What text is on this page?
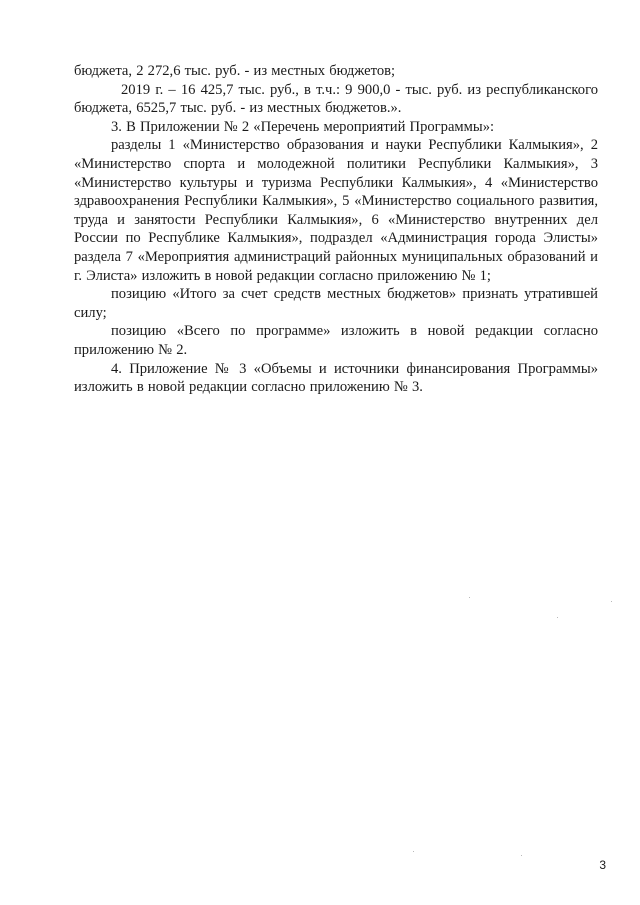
бюджета, 2 272,6 тыс. руб. - из местных бюджетов;

2019 г. – 16 425,7 тыс. руб., в т.ч.: 9 900,0 - тыс. руб. из республиканского бюджета, 6525,7 тыс. руб. - из местных бюджетов.».

3. В Приложении № 2 «Перечень мероприятий Программы»:

разделы 1 «Министерство образования и науки Республики Калмыкия», 2 «Министерство спорта и молодежной политики Республики Калмыкия», 3 «Министерство культуры и туризма Республики Калмыкия», 4 «Министерство здравоохранения Республики Калмыкия», 5 «Министерство социального развития, труда и занятости Республики Калмыкия», 6 «Министерство внутренних дел России по Республике Калмыкия», подраздел «Администрация города Элисты» раздела 7 «Мероприятия администраций районных муниципальных образований и г. Элиста» изложить в новой редакции согласно приложению № 1;

позицию «Итого за счет средств местных бюджетов» признать утратившей силу;

позицию «Всего по программе» изложить в новой редакции согласно приложению № 2.

4. Приложение № 3 «Объемы и источники финансирования Программы» изложить в новой редакции согласно приложению № 3.

3
